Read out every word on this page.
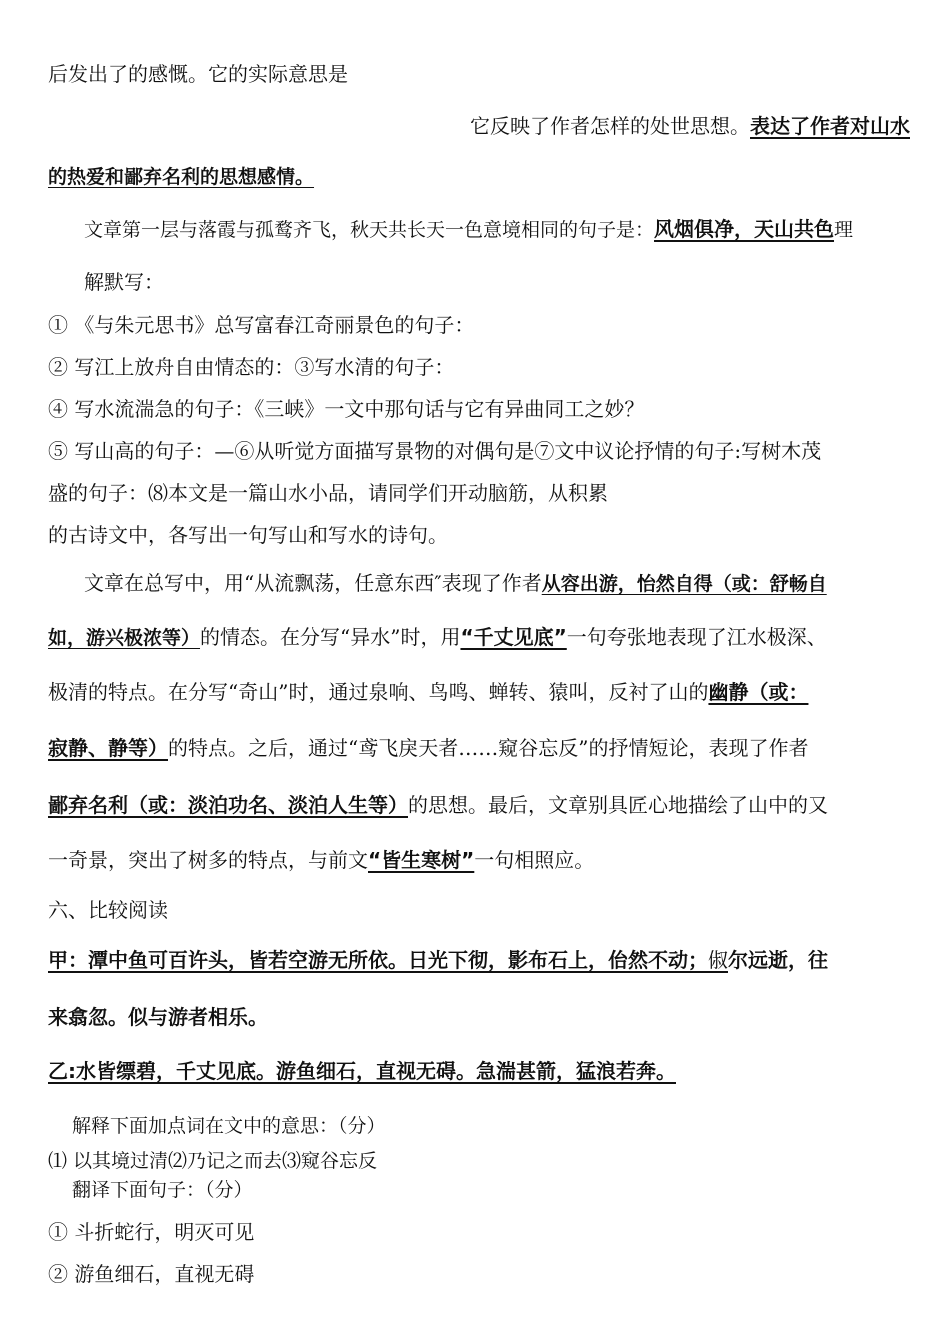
后发出了的感慨。它的实际意思是
它反映了作者怎样的处世思想。表达了作者对山水
的热爱和鄙弃名利的思想感情。
文章第一层与落霞与孤鹜齐飞，秋天共长天一色意境相同的句子是：风烟俱净，天山共色理
解默写：
① 《与朱元思书》总写富春江奇丽景色的句子：
② 写江上放舟自由情态的：③写水清的句子：
④ 写水流湍急的句子：《三峡》一文中那句话与它有异曲同工之妙？
⑤ 写山高的句子：—⑥从听觉方面描写景物的对偶句是⑦文中议论抒情的句子:写树木茂
盛的句子：⑻本文是一篇山水小品，请同学们开动脑筋，从积累
的古诗文中，各写出一句写山和写水的诗句。
文章在总写中，用“从流飘荡，任意东西″表现了作者从容出游，怡然自得（或：舒畅自
如，游兴极浓等）的情态。在分写“异水”时，用“千丈见底”一句夸张地表现了江水极深、
极清的特点。在分写“奇山”时，通过泉响、鸟鸣、蝉转、猿叫，反衬了山的幽静（或：
寂静、静等）的特点。之后，通过“鸢飞戾天者……窥谷忘反”的抒情短论，表现了作者
鄙弃名利（或：淡泊功名、淡泊人生等）的思想。最后，文章别具匠心地描绘了山中的又
一奇景，突出了树多的特点，与前文“皆生寒树”一句相照应。
六、比较阅读
甲：潭中鱼可百许头，皆若空游无所依。日光下彻，影布石上，佁然不动；俶尔远逝，往
来翕忽。似与游者相乐。
乙:水皆缥碧，千丈见底。游鱼细石，直视无碍。急湍甚箭，猛浪若奔。
解释下面加点词在文中的意思：（分）
⑴ 以其境过清⑵乃记之而去⑶窥谷忘反
翻译下面句子：（分）
① 斗折蛇行，明灭可见
② 游鱼细石，直视无碍
